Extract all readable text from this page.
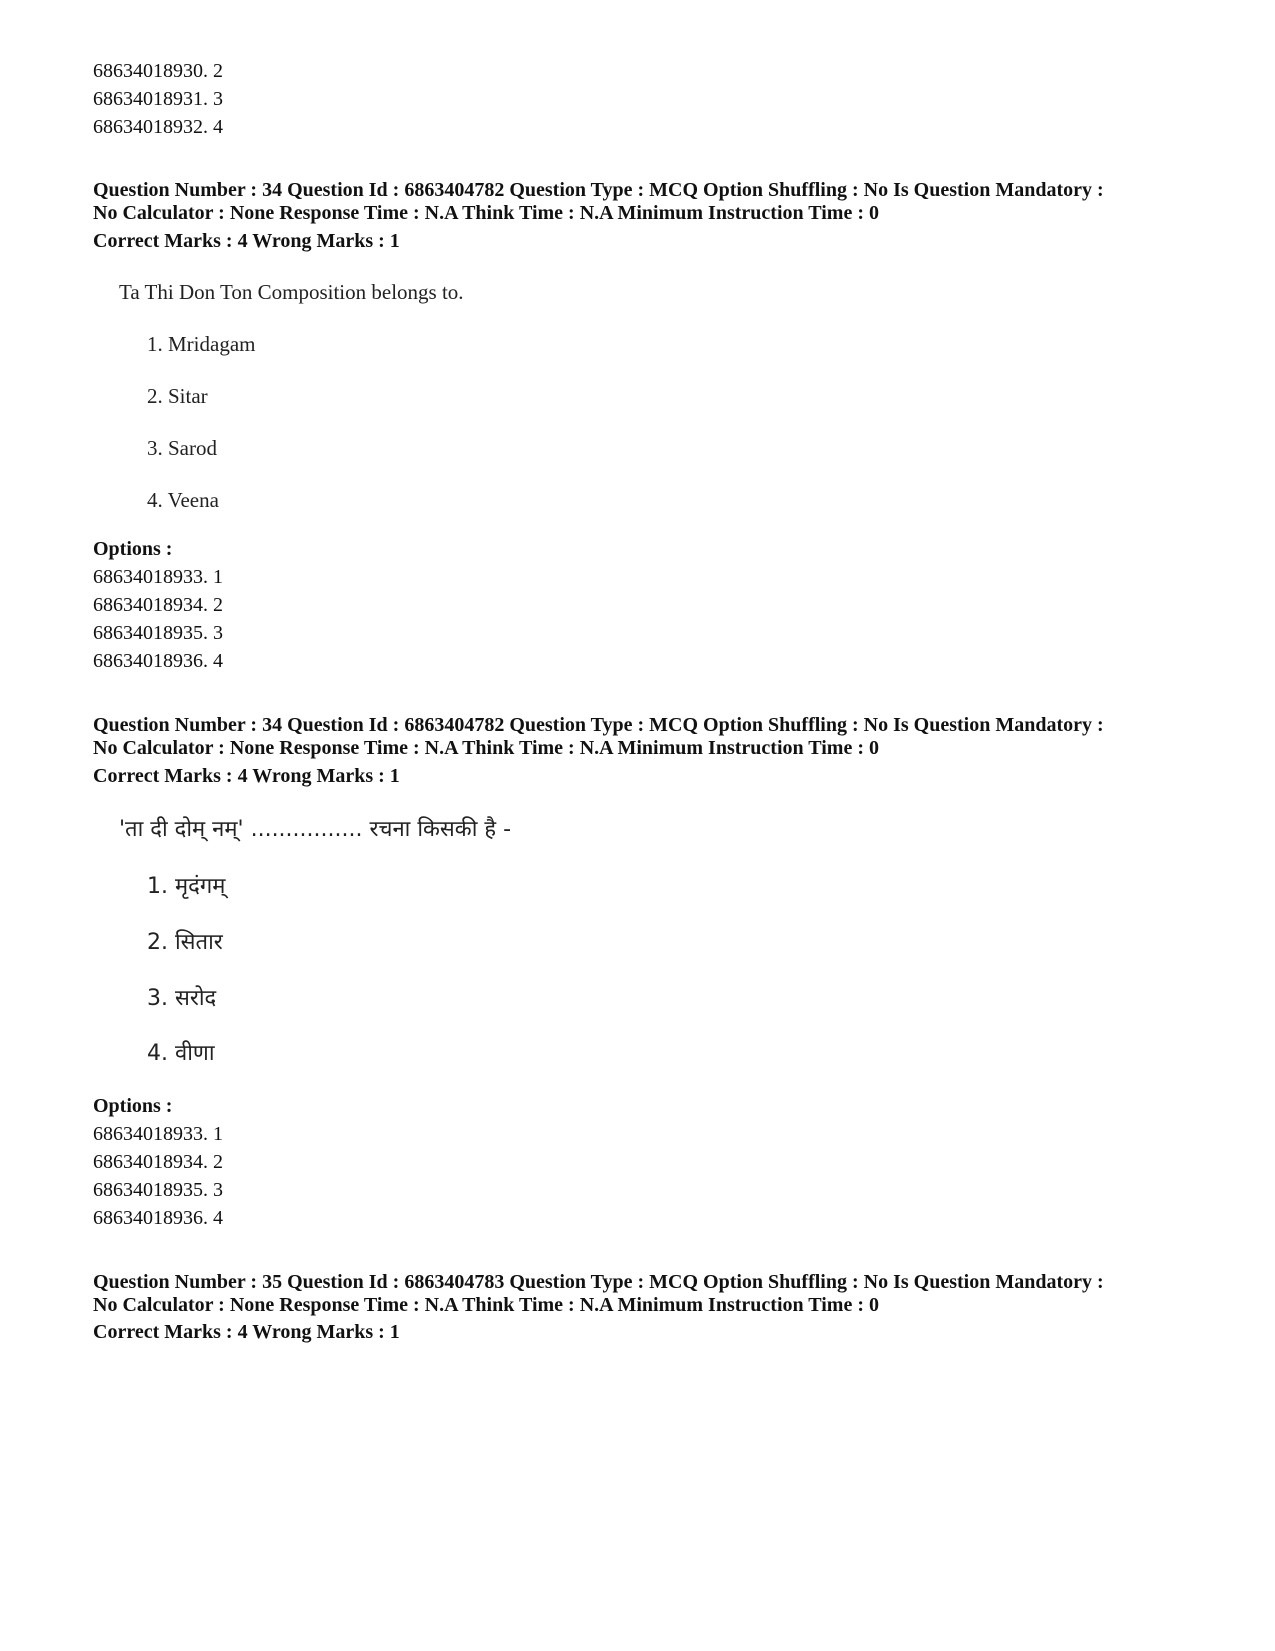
68634018930. 2
68634018931. 3
68634018932. 4
Question Number : 34 Question Id : 6863404782 Question Type : MCQ Option Shuffling : No Is Question Mandatory :
No Calculator : None Response Time : N.A Think Time : N.A Minimum Instruction Time : 0
Correct Marks : 4 Wrong Marks : 1
Ta Thi Don Ton Composition belongs to.
1. Mridagam
2. Sitar
3. Sarod
4. Veena
Options :
68634018933. 1
68634018934. 2
68634018935. 3
68634018936. 4
Question Number : 34 Question Id : 6863404782 Question Type : MCQ Option Shuffling : No Is Question Mandatory :
No Calculator : None Response Time : N.A Think Time : N.A Minimum Instruction Time : 0
Correct Marks : 4 Wrong Marks : 1
'ता दी दोम् नम्' ................ रचना किसकी है -
1. मृदंगम्
2. सितार
3. सरोद
4. वीणा
Options :
68634018933. 1
68634018934. 2
68634018935. 3
68634018936. 4
Question Number : 35 Question Id : 6863404783 Question Type : MCQ Option Shuffling : No Is Question Mandatory :
No Calculator : None Response Time : N.A Think Time : N.A Minimum Instruction Time : 0
Correct Marks : 4 Wrong Marks : 1
